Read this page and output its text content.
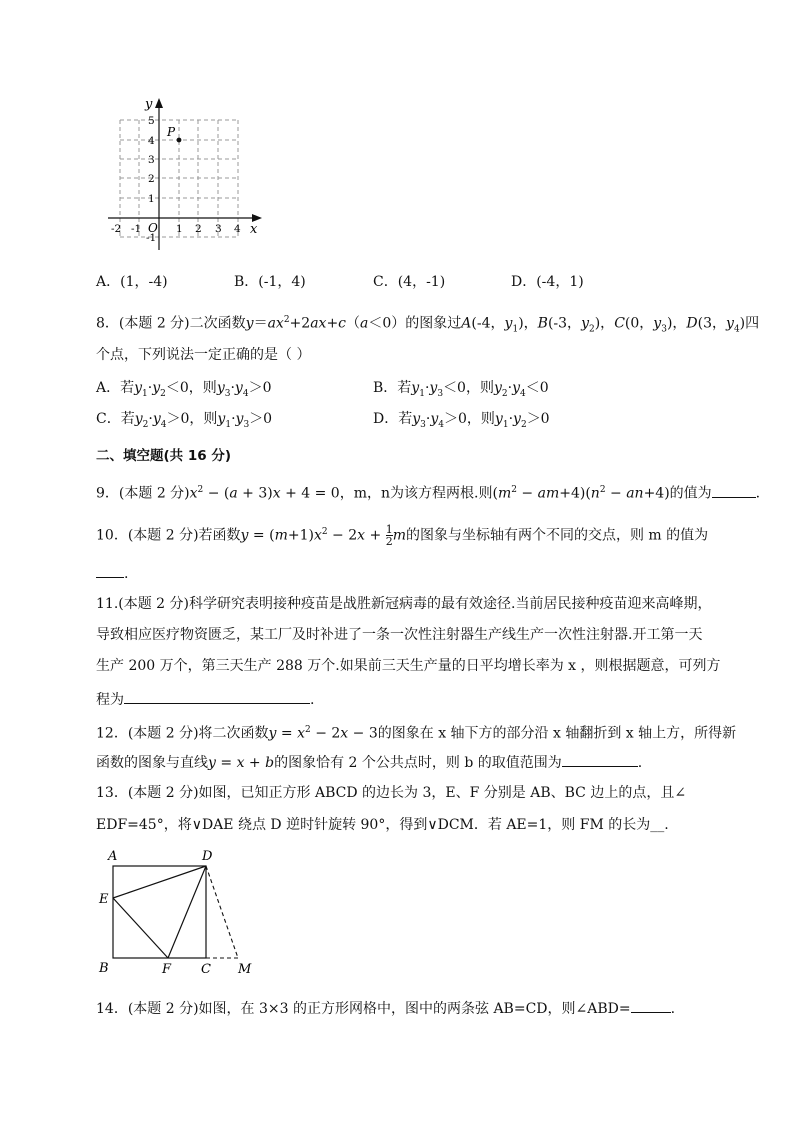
y
x
O
P
5
4
3
2
1
-1
-2 -1	1 2 3 4
A．(1，-4)	B．(-1，4)	C．(4，-1)	D．(-4，1)
8．(本题 2 分)二次函数$y=ax^2+2ax+c(a<0)$的图象过A(-4，$y_1$)，B(-3，$y_2$)，C(0，$y_3$)，D(3，$y_4$)四
个点，下列说法一定正确的是（ ）
A．若$y_1\cdot y_2<0$，则$y_3\cdot y_4>0$	B．若$y_1\cdot y_3<0$，则$y_2\cdot y_4<0$
C．若$y_2\cdot y_4>0$，则$y_1\cdot y_3>0$	D．若$y_3\cdot y_4>0$，则$y_1\cdot y_2>0$
二、填空题(共 16 分)
9．(本题 2 分)$x^2 - (a + 3)x + 4 = 0$，m，n为该方程两根.则$(m^2 - am+4)(n^2 - an+4)$的值为	.
10．(本题 2 分)若函数$y = (m+1)x^2 - 2x + \frac{1}{2}$ m的图象与坐标轴有两个不同的交点，则 m 的值为
.
11.(本题 2 分)科学研究表明接种疫苗是战胜新冠病毒的最有效途径.当前居民接种疫苗迎来高峰期，
导致相应医疗物资匮乏，某工厂及时补进了一条一次性注射器生产线生产一次性注射器.开工第一天
生产 200 万个，第三天生产 288 万个.如果前三天生产量的日平均增长率为 x ，则根据题意，可列方
程为	.
12．(本题 2 分)将二次函数$y = x^2 - 2x - 3$的图象在 x 轴下方的部分沿 x 轴翻折到 x 轴上方，所得新
函数的图象与直线y = x + b的图象恰有 2 个公共点时，则 b 的取值范围为	.
13．(本题 2 分)如图，已知正方形 ABCD 的边长为 3，E、F 分别是 AB、BC 边上的点，且∠
EDF=45°，将∨DAE 绕点 D 逆时针旋转 90°，得到∨DCM．若 AE=1，则 FM 的长为__.
A	D
E
B	F C M
14．(本题 2 分)如图，在 3×3 的正方形网格中，图中的两条弦 AB=CD，则∠ABD=	.
